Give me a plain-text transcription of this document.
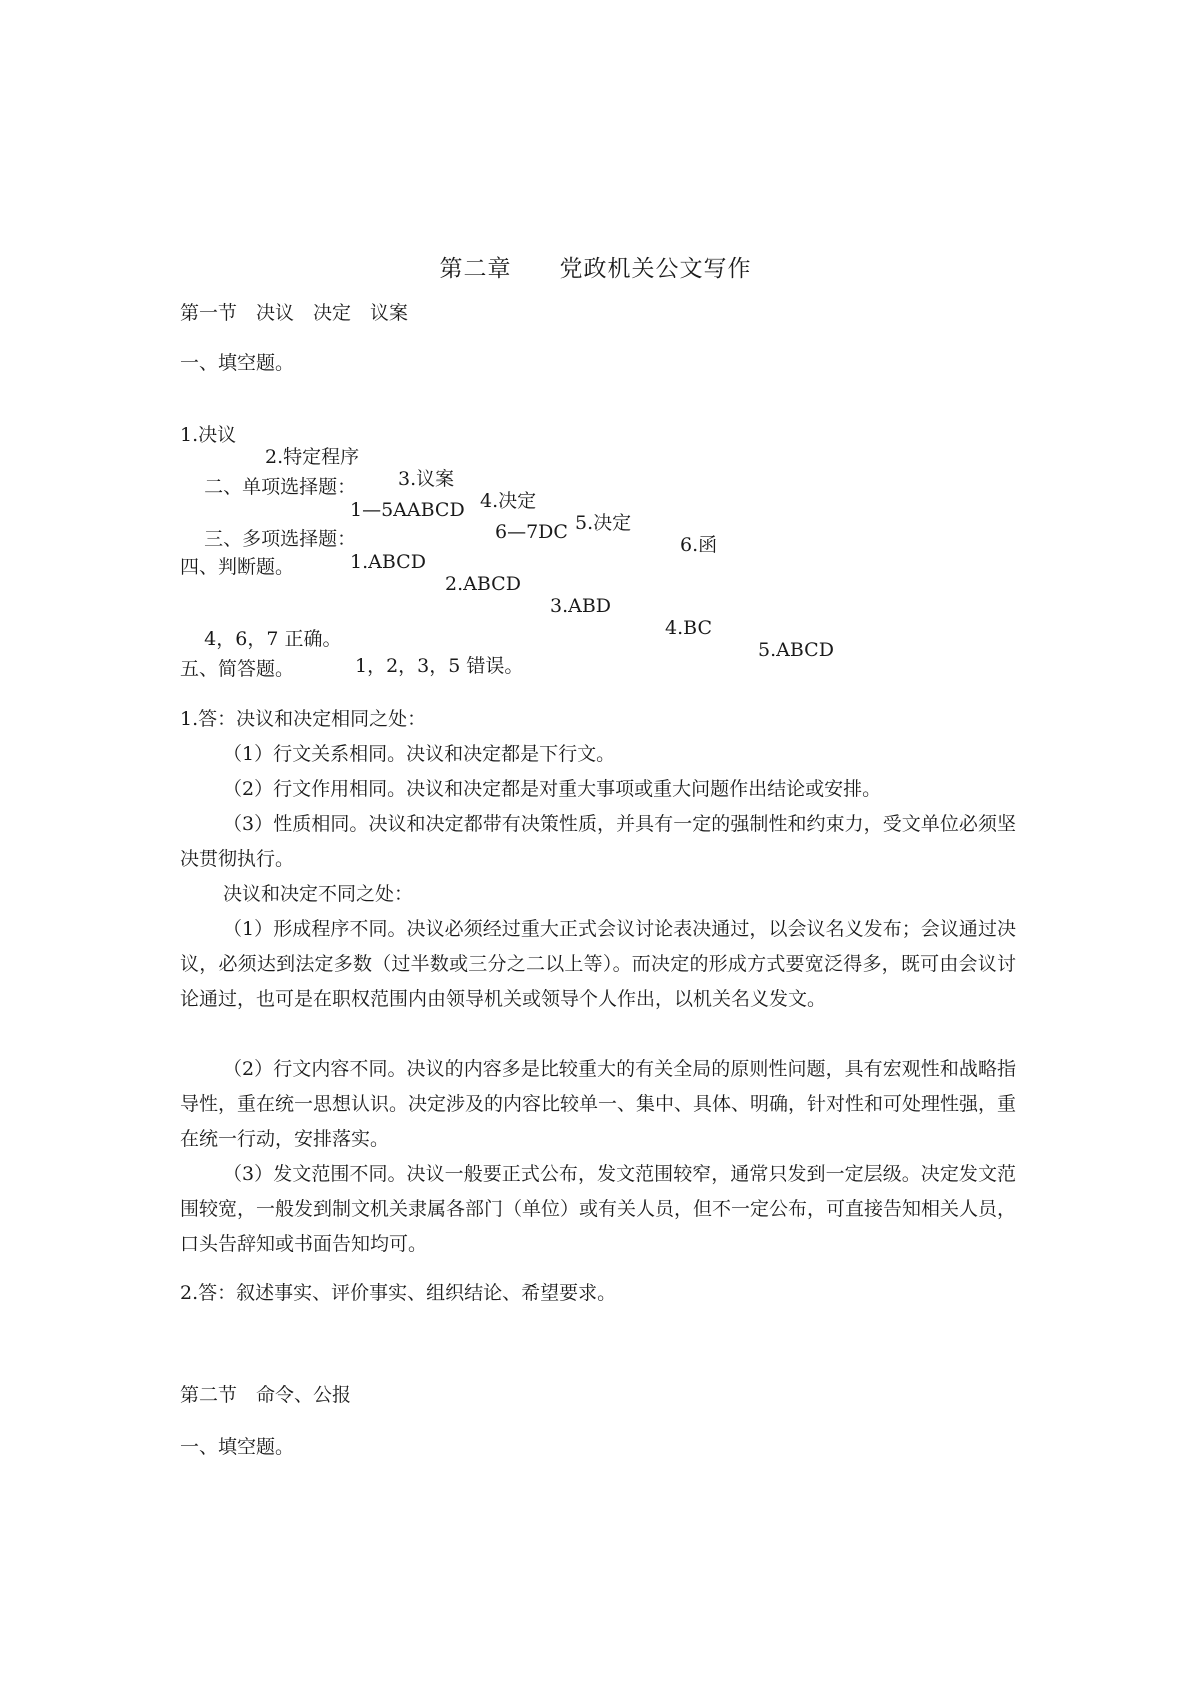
第二章　　党政机关公文写作
第一节　决议　决定　议案
一、填空题。

1.决议

2.特定程序

3.议案

4.决定

5.决定

6.函

二、单项选择题：

1—5AABCD

6—7DC

三、多项选择题：

1.ABCD

2.ABCD

3.ABD

4.BC

5.ABCD

四、判断题。

4，6，7 正确。

1，2，3，5 错误。

五、简答题。
1.答：决议和决定相同之处：
（1）行文关系相同。决议和决定都是下行文。
（2）行文作用相同。决议和决定都是对重大事项或重大问题作出结论或安排。
（3）性质相同。决议和决定都带有决策性质，并具有一定的强制性和约束力，受文单位必须坚决贯彻执行。
决议和决定不同之处：
（1）形成程序不同。决议必须经过重大正式会议讨论表决通过，以会议名义发布；会议通过决议，必须达到法定多数（过半数或三分之二以上等）。而决定的形成方式要宽泛得多，既可由会议讨论通过，也可是在职权范围内由领导机关或领导个人作出，以机关名义发文。
（2）行文内容不同。决议的内容多是比较重大的有关全局的原则性问题，具有宏观性和战略指导性，重在统一思想认识。决定涉及的内容比较单一、集中、具体、明确，针对性和可处理性强，重在统一行动，安排落实。
（3）发文范围不同。决议一般要正式公布，发文范围较窄，通常只发到一定层级。决定发文范围较宽，一般发到制文机关隶属各部门（单位）或有关人员，但不一定公布，可直接告知相关人员，口头告辞知或书面告知均可。
2.答：叙述事实、评价事实、组织结论、希望要求。
第二节　命令、公报
一、填空题。
